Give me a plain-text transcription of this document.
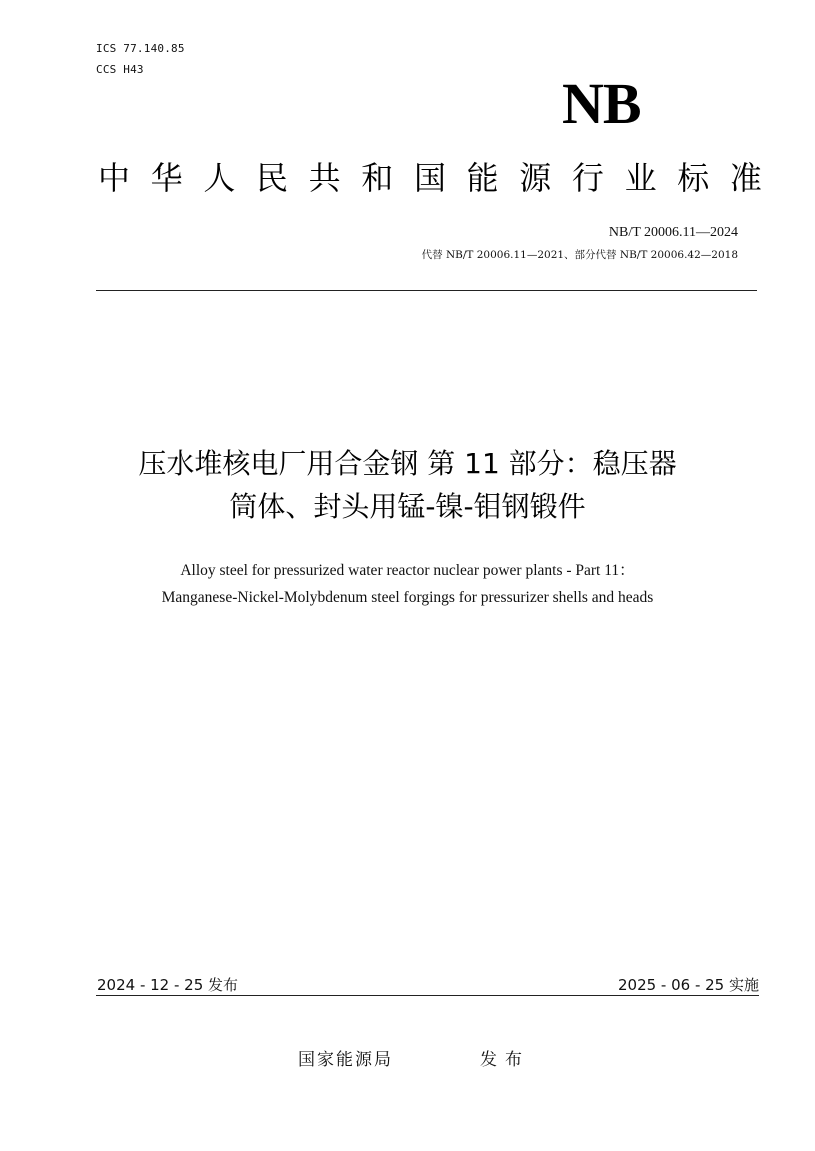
ICS 77.140.85
CCS H43
NB
中 华 人 民 共 和 国 能 源 行 业 标 准
NB/T 20006.11—2024
代替 NB/T 20006.11—2021、部分代替 NB/T 20006.42—2018
压水堆核电厂用合金钢 第 11 部分：稳压器
筒体、封头用锰-镍-钼钢锻件
Alloy steel for pressurized water reactor nuclear power plants - Part 11：
Manganese-Nickel-Molybdenum steel forgings for pressurizer shells and heads
2024 - 12 - 25 发布	2025 - 06 - 25 实施
国家能源局	发布
